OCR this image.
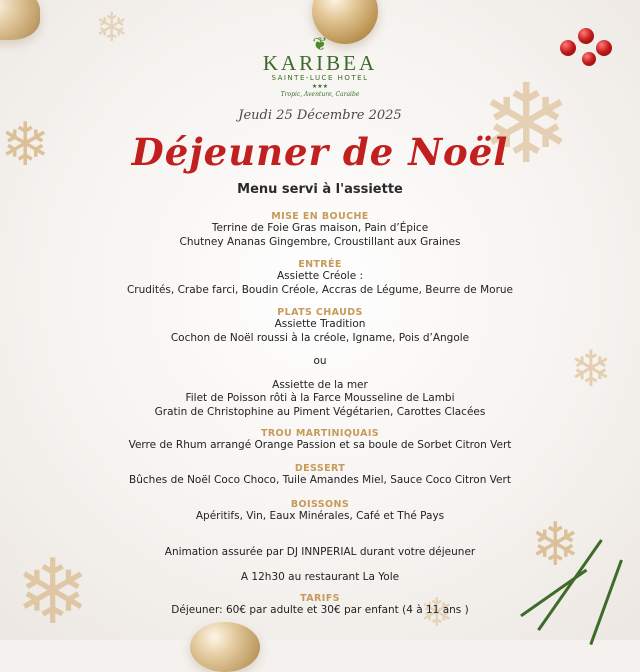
❄	❄
❄
❄
❄
❄
❄
❦
KARIBEA
SAINTE-LUCE HOTEL
★★★
Tropic, Aventure, Caraibe
Jeudi 25 Décembre 2025
Déjeuner de Noël
Menu servi à l'assiette
MISE EN BOUCHE
Terrine de Foie Gras maison, Pain d’Épice
Chutney Ananas Gingembre, Croustillant aux Graines
ENTRÉE
Assiette Créole :
Crudités, Crabe farci, Boudin Créole, Accras de Légume, Beurre de Morue
PLATS CHAUDS
Assiette Tradition
Cochon de Noël roussi à la créole, Igname, Pois d’Angole
ou
Assiette de la mer
Filet de Poisson rôti à la Farce Mousseline de Lambi
Gratin de Christophine au Piment Végétarien, Carottes Clacées
TROU MARTINIQUAIS
Verre de Rhum arrangé Orange Passion et sa boule de Sorbet Citron Vert
DESSERT
Bûches de Noël Coco Choco, Tuile Amandes Miel, Sauce Coco Citron Vert
BOISSONS
Apéritifs, Vin, Eaux Minérales, Café et Thé Pays
Animation assurée par DJ INNPERIAL durant votre déjeuner
A 12h30 au restaurant La Yole
TARIFS
Déjeuner: 60€ par adulte et 30€ par enfant (4 à 11 ans )
